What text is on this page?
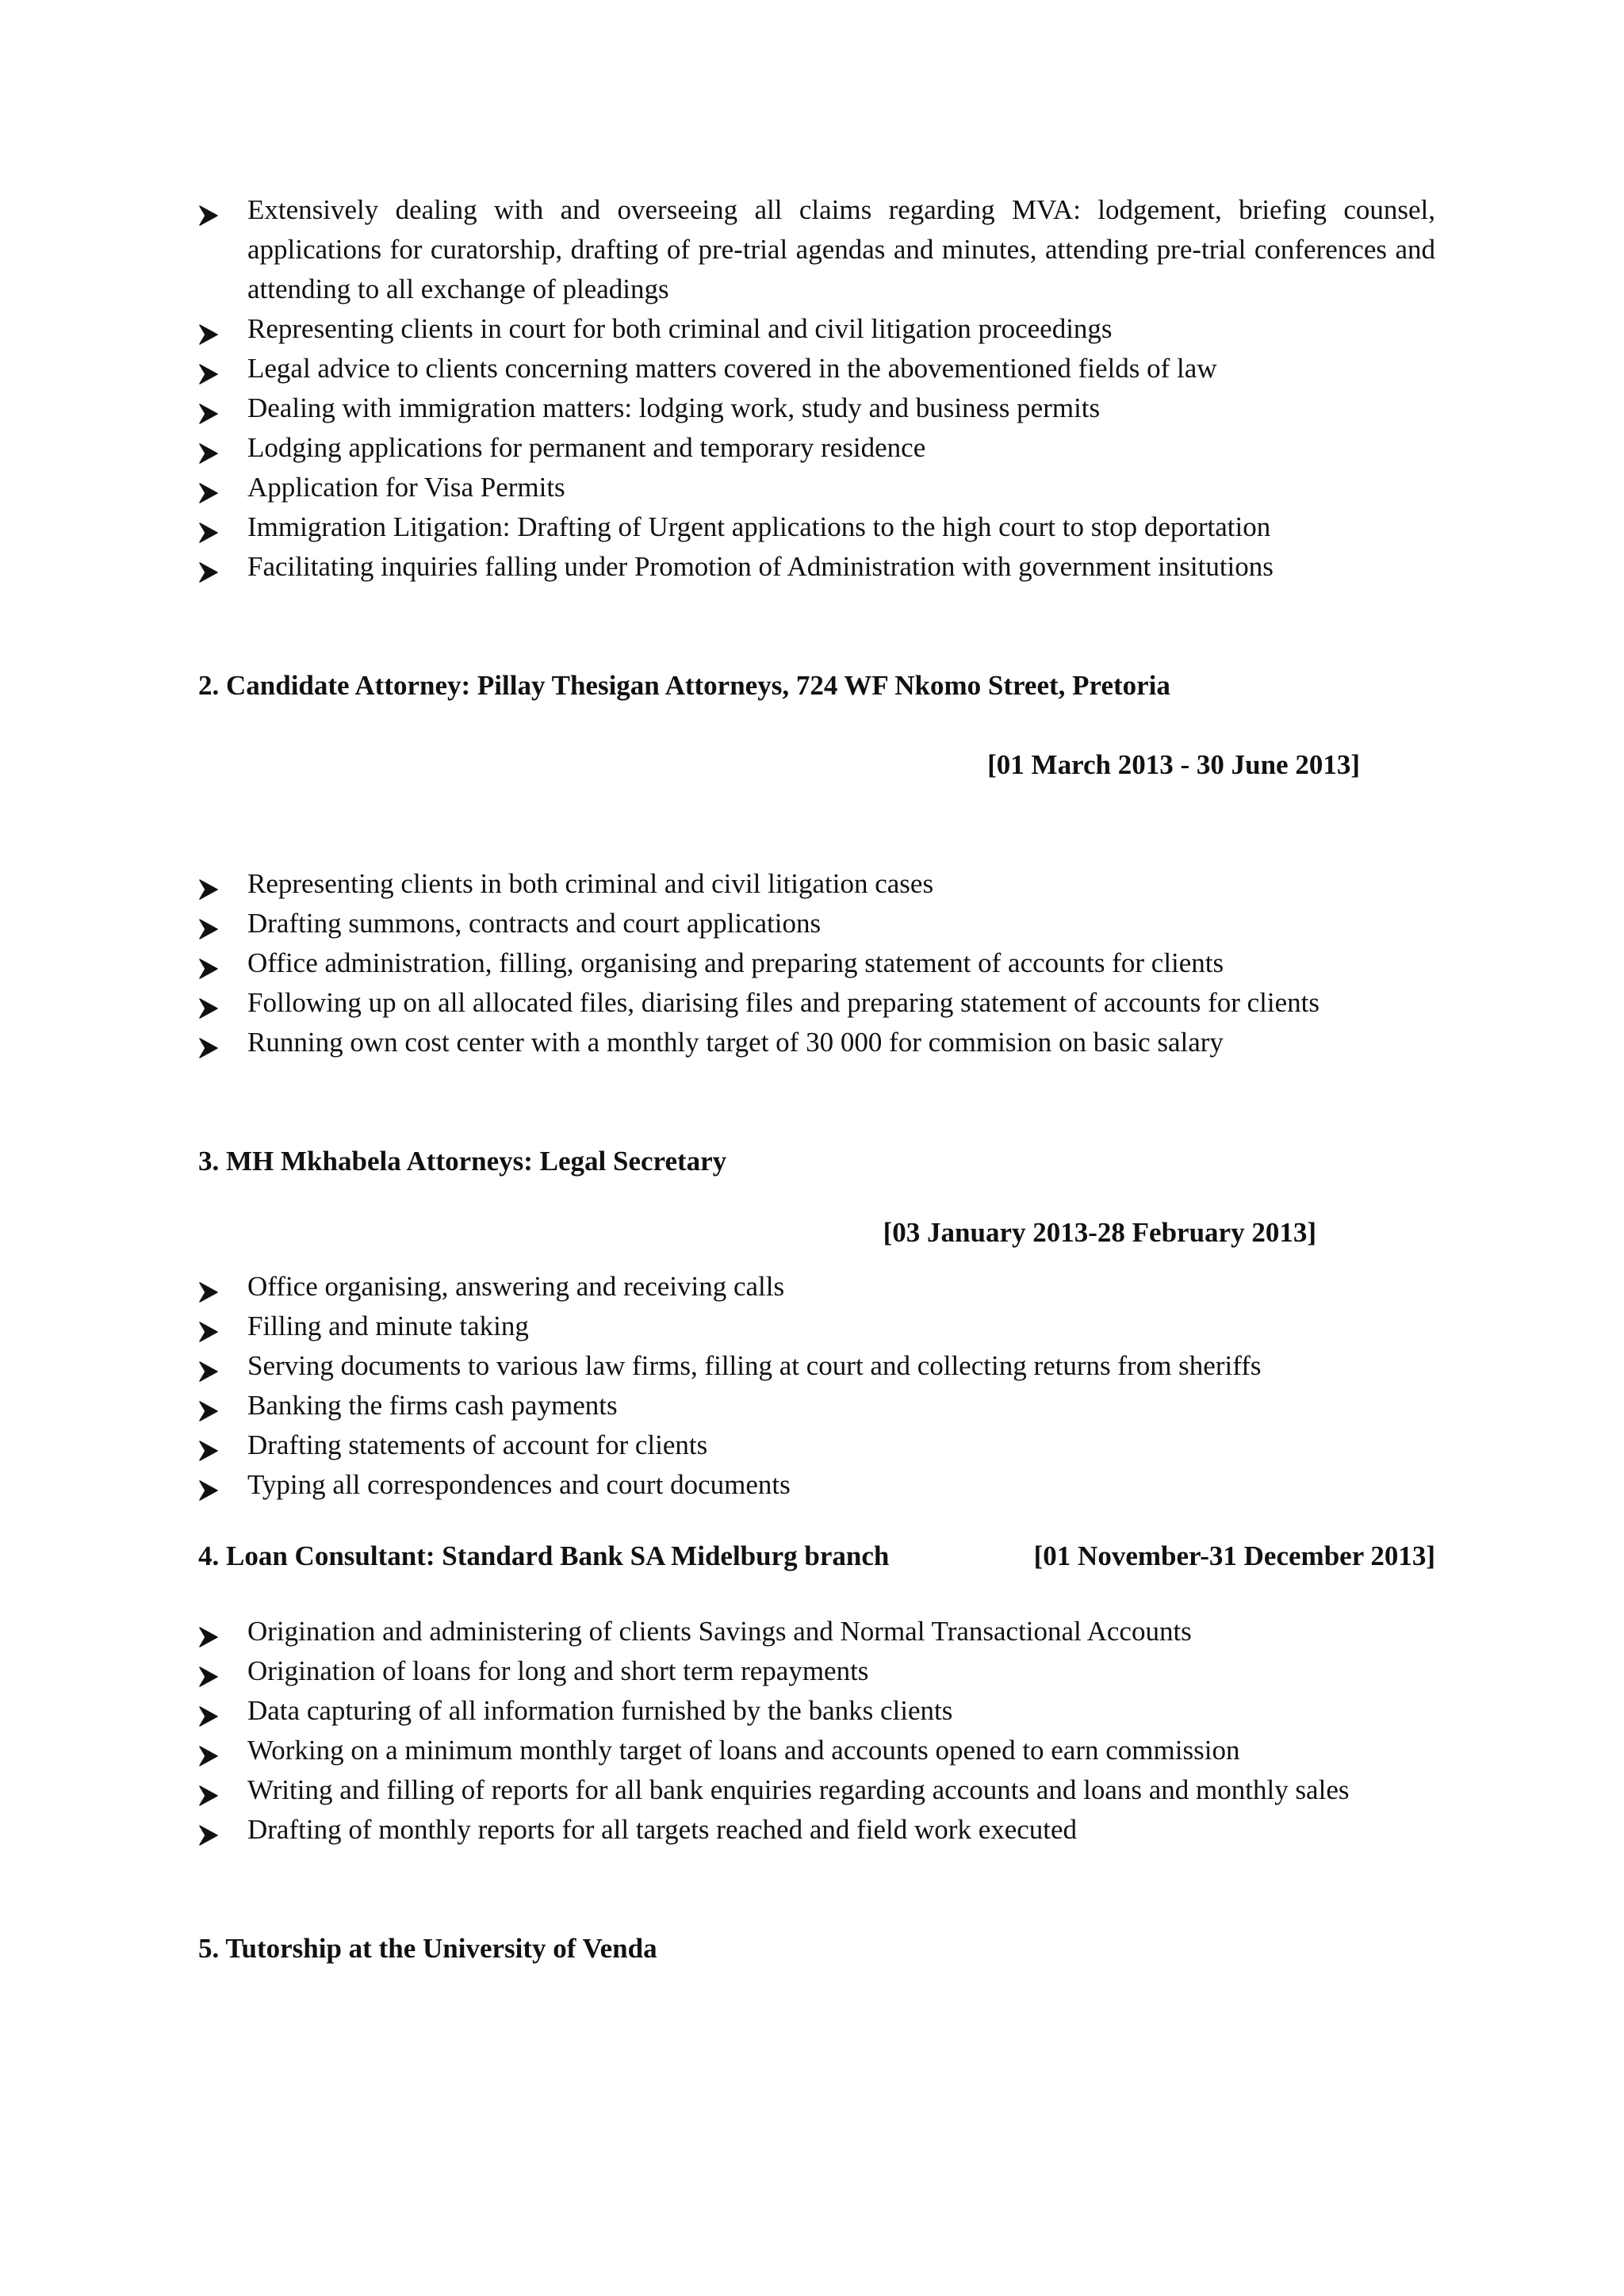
Extensively dealing with and overseeing all claims regarding MVA: lodgement, briefing counsel, applications for curatorship, drafting of pre-trial agendas and minutes, attending pre-trial conferences and attending to all exchange of pleadings
Representing clients in court for both criminal and civil litigation proceedings
Legal advice to clients concerning matters covered in the abovementioned fields of law
Dealing with immigration matters: lodging work, study and business permits
Lodging applications for permanent and temporary residence
Application for Visa Permits
Immigration Litigation: Drafting of Urgent applications to the high court to stop deportation
Facilitating inquiries falling under Promotion of Administration with government insitutions

2. Candidate Attorney: Pillay Thesigan Attorneys, 724 WF Nkomo Street, Pretoria

[01 March 2013 - 30 June 2013]
Representing clients in both criminal and civil litigation cases
Drafting summons, contracts and court applications
Office administration, filling, organising and preparing statement of accounts for clients
Following up on all allocated files, diarising files and preparing statement of accounts for clients
Running own cost center with a monthly target of 30 000 for commision on basic salary

3. MH Mkhabela Attorneys: Legal Secretary

[03 January 2013-28 February 2013]
Office organising, answering and receiving calls
Filling and minute taking
Serving documents to various law firms, filling at court and collecting returns from sheriffs
Banking the firms cash payments
Drafting statements of account for clients
Typing all correspondences and court documents
4. Loan Consultant: Standard Bank SA Midelburg branch	[01 November-31 December 2013]
Origination and administering of clients Savings and Normal Transactional Accounts
Origination of loans for long and short term repayments
Data capturing of all information furnished by the banks clients
Working on a minimum monthly target of loans and accounts opened to earn commission
Writing and filling of reports for all bank enquiries regarding accounts and loans and monthly sales
Drafting of monthly reports for all targets reached and field work executed

5. Tutorship at the University of Venda
